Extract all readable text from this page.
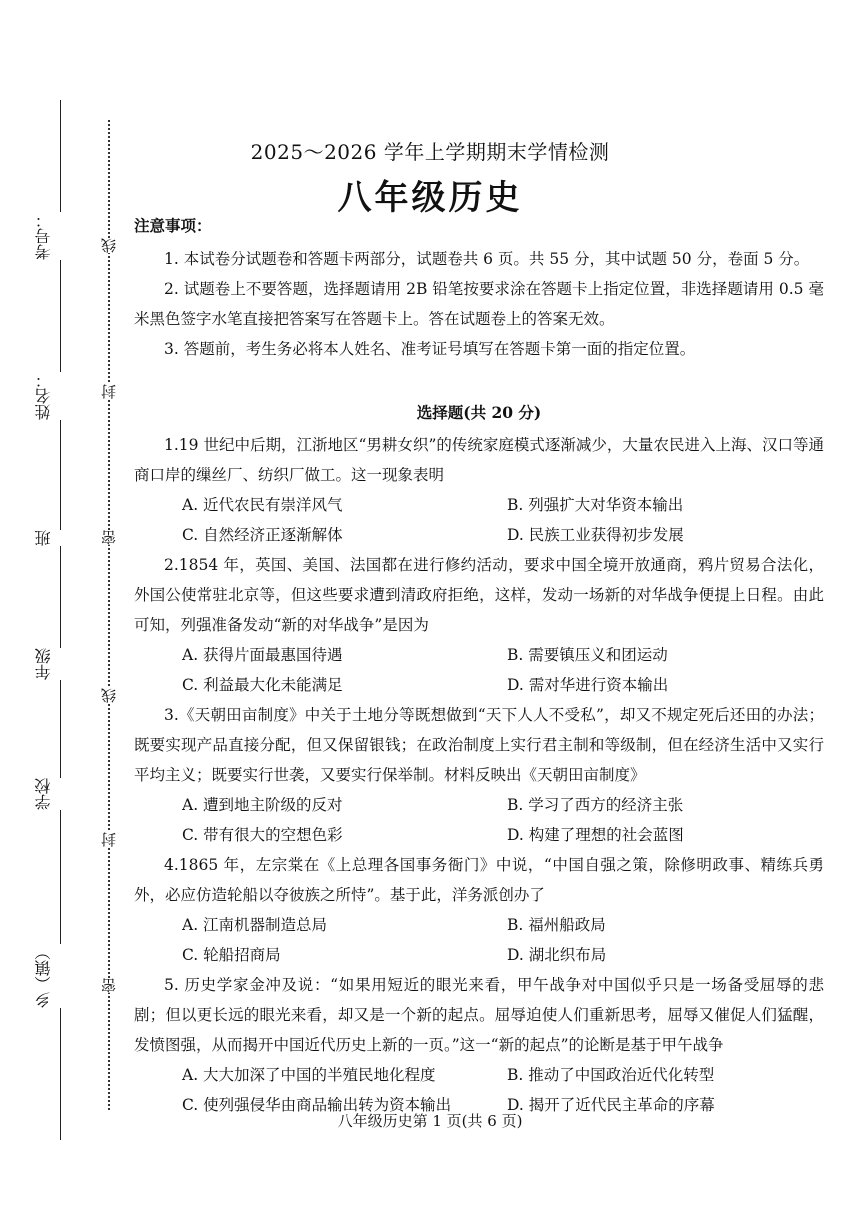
考号：
姓名：
班
年级
学校
乡（镇）
线
封
密
线
封
密
2025～2026 学年上学期期末学情检测
八年级历史
注意事项：

1. 本试卷分试题卷和答题卡两部分，试题卷共 6 页。共 55 分，其中试题 50 分，卷面 5 分。

2. 试题卷上不要答题，选择题请用 2B 铅笔按要求涂在答题卡上指定位置，非选择题请用 0.5 毫米黑色签字水笔直接把答案写在答题卡上。答在试题卷上的答案无效。

3. 答题前，考生务必将本人姓名、准考证号填写在答题卡第一面的指定位置。

选择题(共 20 分)

1.19 世纪中后期，江浙地区“男耕女织”的传统家庭模式逐渐减少，大量农民进入上海、汉口等通商口岸的缫丝厂、纺织厂做工。这一现象表明

A. 近代农民有崇洋风气	B. 列强扩大对华资本输出
C. 自然经济正逐渐解体	D. 民族工业获得初步发展

2.1854 年，英国、美国、法国都在进行修约活动，要求中国全境开放通商，鸦片贸易合法化，外国公使常驻北京等，但这些要求遭到清政府拒绝，这样，发动一场新的对华战争便提上日程。由此可知，列强准备发动“新的对华战争”是因为

A. 获得片面最惠国待遇	B. 需要镇压义和团运动
C. 利益最大化未能满足	D. 需对华进行资本输出

3.《天朝田亩制度》中关于土地分等既想做到“天下人人不受私”，却又不规定死后还田的办法；既要实现产品直接分配，但又保留银钱；在政治制度上实行君主制和等级制，但在经济生活中又实行平均主义；既要实行世袭，又要实行保举制。材料反映出《天朝田亩制度》

A. 遭到地主阶级的反对	B. 学习了西方的经济主张
C. 带有很大的空想色彩	D. 构建了理想的社会蓝图

4.1865 年，左宗棠在《上总理各国事务衙门》中说，“中国自强之策，除修明政事、精练兵勇外，必应仿造轮船以夺彼族之所恃”。基于此，洋务派创办了

A. 江南机器制造总局	B. 福州船政局
C. 轮船招商局	D. 湖北织布局

5. 历史学家金冲及说：“如果用短近的眼光来看，甲午战争对中国似乎只是一场备受屈辱的悲剧；但以更长远的眼光来看，却又是一个新的起点。屈辱迫使人们重新思考，屈辱又催促人们猛醒，发愤图强，从而揭开中国近代历史上新的一页。”这一“新的起点”的论断是基于甲午战争

A. 大大加深了中国的半殖民地化程度	B. 推动了中国政治近代化转型
C. 使列强侵华由商品输出转为资本输出	D. 揭开了近代民主革命的序幕
八年级历史第 1 页(共 6 页)
